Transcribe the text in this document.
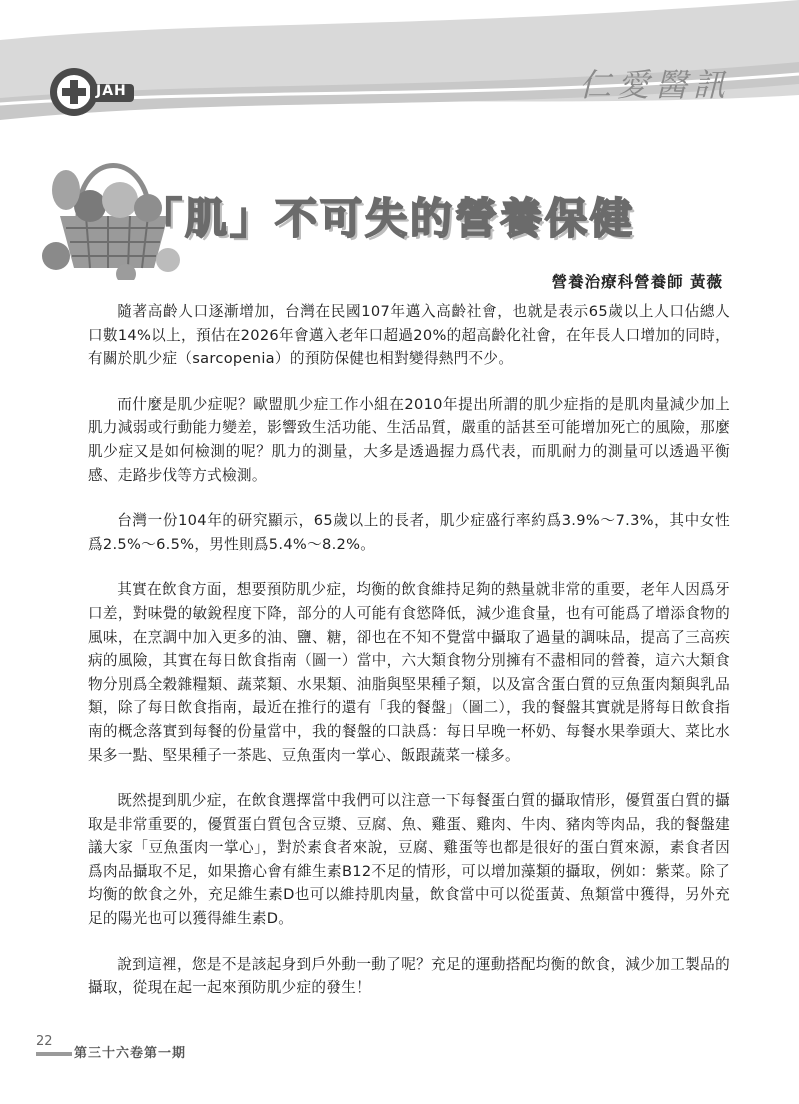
JAH	仁愛醫訊
「肌」不可失的營養保健
營養治療科營養師 黃薇

隨著高齡人口逐漸增加，台灣在民國107年邁入高齡社會，也就是表示65歲以上人口佔總人口數14%以上，預估在2026年會邁入老年口超過20%的超高齡化社會，在年長人口增加的同時，有關於肌少症（sarcopenia）的預防保健也相對變得熱門不少。

而什麼是肌少症呢？歐盟肌少症工作小組在2010年提出所謂的肌少症指的是肌肉量減少加上肌力減弱或行動能力變差，影響致生活功能、生活品質，嚴重的話甚至可能增加死亡的風險，那麼肌少症又是如何檢測的呢？肌力的測量，大多是透過握力爲代表，而肌耐力的測量可以透過平衡感、走路步伐等方式檢測。

台灣一份104年的研究顯示，65歲以上的長者，肌少症盛行率約爲3.9%～7.3%，其中女性爲2.5%～6.5%，男性則爲5.4%～8.2%。

其實在飲食方面，想要預防肌少症，均衡的飲食維持足夠的熱量就非常的重要，老年人因爲牙口差，對味覺的敏銳程度下降，部分的人可能有食慾降低，減少進食量，也有可能爲了增添食物的風味，在烹調中加入更多的油、鹽、糖，卻也在不知不覺當中攝取了過量的調味品，提高了三高疾病的風險，其實在每日飲食指南（圖一）當中，六大類食物分別擁有不盡相同的營養，這六大類食物分別爲全穀雜糧類、蔬菜類、水果類、油脂與堅果種子類，以及富含蛋白質的豆魚蛋肉類與乳品類，除了每日飲食指南，最近在推行的還有「我的餐盤」（圖二），我的餐盤其實就是將每日飲食指南的概念落實到每餐的份量當中，我的餐盤的口訣爲：每日早晚一杯奶、每餐水果拳頭大、菜比水果多一點、堅果種子一茶匙、豆魚蛋肉一掌心、飯跟蔬菜一樣多。

既然提到肌少症，在飲食選擇當中我們可以注意一下每餐蛋白質的攝取情形，優質蛋白質的攝取是非常重要的，優質蛋白質包含豆漿、豆腐、魚、雞蛋、雞肉、牛肉、豬肉等肉品，我的餐盤建議大家「豆魚蛋肉一掌心」，對於素食者來說，豆腐、雞蛋等也都是很好的蛋白質來源，素食者因爲肉品攝取不足，如果擔心會有維生素B12不足的情形，可以增加藻類的攝取，例如：紫菜。除了均衡的飲食之外，充足維生素D也可以維持肌肉量，飲食當中可以從蛋黃、魚類當中獲得，另外充足的陽光也可以獲得維生素D。

說到這裡，您是不是該起身到戶外動一動了呢？充足的運動搭配均衡的飲食，減少加工製品的攝取，從現在起一起來預防肌少症的發生！

22
第三十六卷第一期
